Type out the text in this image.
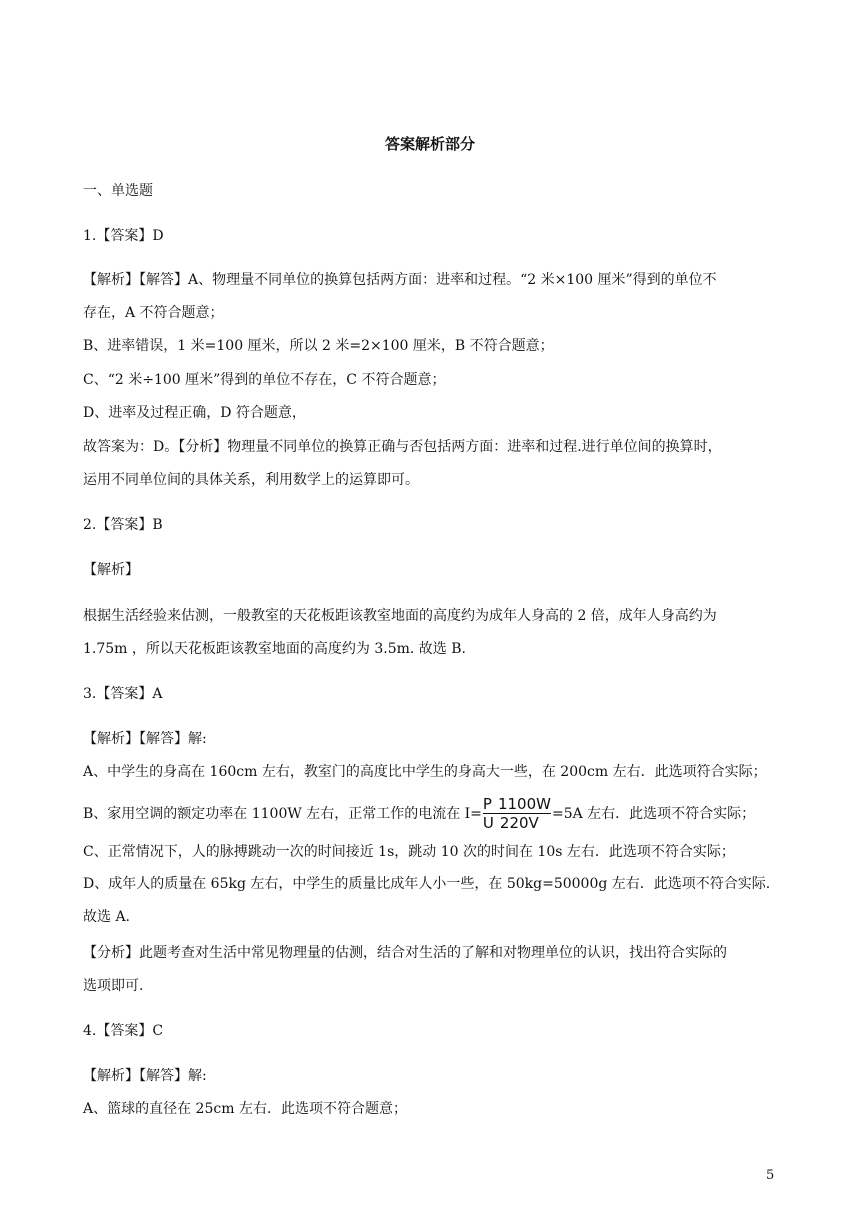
答案解析部分
一、单选题
1.【答案】D
【解析】【解答】A、物理量不同单位的换算包括两方面：进率和过程。“2 米×100 厘米”得到的单位不
存在，A 不符合题意；
B、进率错误，1 米=100 厘米，所以 2 米=2×100 厘米，B 不符合题意；
C、“2 米÷100 厘米”得到的单位不存在，C 不符合题意；
D、进率及过程正确，D 符合题意，
故答案为：D。【分析】物理量不同单位的换算正确与否包括两方面：进率和过程.进行单位间的换算时，
运用不同单位间的具体关系，利用数学上的运算即可。
2.【答案】B
【解析】
根据生活经验来估测，一般教室的天花板距该教室地面的高度约为成年人身高的 2 倍，成年人身高约为
1.75m ，所以天花板距该教室地面的高度约为 3.5m. 故选 B.
3.【答案】A
【解析】【解答】解:
A、中学生的身高在 160cm 左右，教室门的高度比中学生的身高大一些，在 200cm 左右．此选项符合实际；
B、家用空调的额定功率在 1100W 左右，正常工作的电流在 $I= \frac{P 1100W}{U 220V} =5A$ 左右．此选项不符合实际；
C、正常情况下，人的脉搏跳动一次的时间接近 1s，跳动 10 次的时间在 10s 左右．此选项不符合实际；
D、成年人的质量在 65kg 左右，中学生的质量比成年人小一些，在 50kg=50000g 左右．此选项不符合实际.
故选 A.
【分析】此题考查对生活中常见物理量的估测，结合对生活的了解和对物理单位的认识，找出符合实际的
选项即可.
4.【答案】C
【解析】【解答】解:
A、篮球的直径在 25cm 左右．此选项不符合题意；
5
